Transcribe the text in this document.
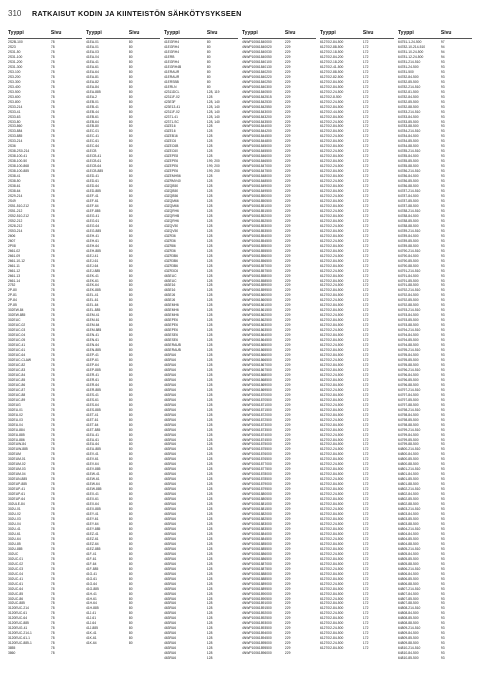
310	RATKAISUT KODIN JA KIINTEISTÖN SÄHKÖTYSYKSEEN
Tyyppi	Sivu
2S2B-100	78
2S23	78
2S31-50	78
2S31-100	78
2S31-200	78
2S31-300	78
2S3-100	78
2S3-200	78
2S3-300	78
2S3-400	78
2S3-500	78
2S3-600	78
2S3-800	78
2S33-214	78
2S33-41	78
2S33-63	78
2S33-80	78
2S33-860	78
2S33-884	78
2S33-885	78
2S33-214	78
2S36	78
2S38-2S0-214	78
2S38-100-41	78
2S38-100-50	78
2S38-100-868	78
2S38-100-885	78
2S38-41	78
2S38-50	78
2S38-61	78
2S38-64	78
2S29-214	78
2S49	78
2S51-510-212	78
2S51-212	78
2S52-510-212	78
2S52-212	78
2S28-212	78
2S53-214	78
2606	78
2607	78
2P08	78
2661-02	78
2661-09	78
2661-10-12	78
2661-11	78
2661-12	78
2661-13	78
2661-14	78
2752	78
2P-80	78
2P-81	78
2P-84	78
2P-85	78
302EW-84	78
302EW-885	78
302EUC	78
302EUC-02	78
302EUC-03	78
302EUC-04	78
302EUC-05	78
302EUC-41	78
302EUC-61	78
302EUC-64	78
302EUC-CLAW	78
302EUC-82	78
302EUC-83	78
302EUC-84	78
302EUC-85	78
302EUC-86	78
302EUC-87	78
302EUC-88	78
302EUC-89	78
302EUG	78
302EU-01	78
302EU-02	78
302EU-03	78
302EU-04	78
302EU-884	78
302EU-885	78
302EU-886	78
302EUW-84	78
302EUW-885	78
302EUM	78
302EUM-01	78
302EUM-02	78
302EUM-03	78
302EUM-04	78
302EUN-885	78
302EUP-885	78
302EUP-41	78
302EUP-61	78
302EUP-64	78
302ULE-84	78
302U-01	78
302U-02	78
302U-03	78
302U-04	78
302U-41	78
302U-61	78
302U-64	78
302U-85	78
302U-885	78
302UC	78
302UC-01	78
302UC-02	78
302UC-03	78
302UC-04	78
302UC-41	78
302UC-61	78
302UC-64	78
302UC-85	78
302UC-86	78
302UC-885	78
3120EUC-214	78
3120EUC-61	78
3120EUC-64	78
3120EUC-885	78
3120EUG-41	78
3120EUC-214-1	78
3120EUC-61-1	78
3120EUC-885-1	78
3855	78
3860	78
Tyyppi	Sivu
41EA-01	80
41EA-01	80
41EA-03	80
41EA-04	80
41EA-41	80
41EA-61	80
41EA-64	80
41EA-81	80
41EA-82	80
41EA-84	80
41EA-885	80
41EA-2	80
41EB-01	80
41EB-41	80
41EB-44	80
41EB-61	80
41EB-64	80
41EB-80	80
41EC-01	80
41EC-41	80
41EC-61	80
41EC-64	80
41ECB	80
41ECB-41	80
41ECB-61	80
41ECB-64	80
41ECB-885	80
41ED-41	80
41ED-61	80
41ED-64	80
41ED-885	80
41EF-41	80
41EF-61	80
41EF-64	80
41EF-885	80
41EG-41	80
41EG-61	80
41EG-64	80
41EG-885	80
41EH-41	80
41EH-61	80
41EH-64	80
41EH-885	80
41EJ-41	80
41EJ-61	80
41EJ-64	80
41EJ-885	80
41EK-41	80
41EK-61	80
41EK-64	80
41EK-885	80
41EL-41	80
41EL-61	80
41EL-64	80
41EL-885	80
41EM-41	80
41EM-61	80
41EM-64	80
41EM-885	80
41EN-41	80
41EN-61	80
41EN-64	80
41EN-885	80
41EP-41	80
41EP-61	80
41EP-64	80
41EP-885	80
41ER-41	80
41ER-61	80
41ER-64	80
41ER-885	80
41ES-41	80
41ES-61	80
41ES-64	80
41ES-885	80
41ET-41	80
41ET-61	80
41ET-64	80
41ET-885	80
41EU-41	80
41EU-61	80
41EU-64	80
41EU-885	80
41EV-41	80
41EV-61	80
41EV-64	80
41EV-885	80
41EW-41	80
41EW-61	80
41EW-64	80
41EW-885	80
41EX-41	80
41EX-61	80
41EX-64	80
41EX-885	80
41EY-41	80
41EY-61	80
41EY-64	80
41EY-885	80
41EZ-41	80
41EZ-61	80
41EZ-64	80
41EZ-885	80
41F-41	80
41F-61	80
41F-64	80
41F-885	80
41G-41	80
41G-61	80
41G-64	80
41G-885	80
41H-41	80
41H-61	80
41H-64	80
41H-885	80
41J-41	80
41J-61	80
41J-64	80
41J-885	80
41K-41	80
41K-61	80
41K-64	80
Tyyppi	Sivu
41EGRH4	80
41EGRH4	80
41EGRH4	80
41ERB	80
41EGRH4	80
41EGRH4B	80
41ERAUR	80
41ERAUR	80
41ERSBB	80
41ERLN	80
42311DCL	128, 119
42311F-02	128
423E3F	128, 140
423E13-41	128, 140
42311F-02	128, 140
42371-41	128, 140
42371-SC	128, 140
43ZE16	128
43ZE16	128
43ZEB16	128
43ZEC6	128
43ZEC6B	128
43ZEC60	128
43ZEPE8	128
43ZEPE6	199, 200
43ZEPE6	199, 200
43ZEPE6	199, 200
43ZEMH56	128
43ZRMV40	128
43ZQB50	128
43ZQB50	128
43ZQB56	128
43ZQM66	128
43ZQM66	128
43ZQRH6	128
43ZQRHB	128
43ZQRH6	128
43ZQV50	128
43ZQV50	128
43ZR36	128
43ZR36	128
43ZR86	128
43ZR36	128
43ZR3B6	128
43ZR3B6	128
43ZR3B6	128
43ZR3C6	128
463EUC	128
463EUC	128
463E16	128
463E16	128
463EJ6	128
463EJ6	128
463EMH6	128
463EMH6	128
463EMH6	128
463EPE6	128
463EPE6	128
463EPE6	128
463ESE6	128
463ESE6	128
463ERAUB	128
463ERAUB	128
463RU6	128
463RU6	128
463RU6	128
463RU6	128
463RU6	128
463RU6	128
463RU6	128
463RU6	128
463RU6	128
463RU6	128
463RU6	128
463RU6	128
463RU6	128
463RU6	128
463RU6	128
463RU6	128
463RU6	128
463RU6	128
463RU6	128
463RU6	128
463RU6	128
463RU6	128
463RU6	128
463RU6	128
463RU6	128
463RU6	128
463RU6	128
463RU6	128
463RU6	128
463RU6	128
463RU6	128
463RU6	128
463RU6	128
463RU6	128
463RU6	128
463RU6	128
463RU6	128
463RU6	128
463RU6	128
463RU6	128
463RU6	128
463RU6	128
463RU6	128
463RU6	128
463RU6	128
463RU6	128
463RU6	128
463RU6	128
463RU6	128
463RU6	128
463RU6	128
463RU6	128
463RU6	128
463RU6	128
463RU6	128
463RU6	128
463RU6	128
463RU6	128
463RU6	128
463RU6	128
463RU6	128
463RU6	128
Tyyppi	Sivu
4NWP10061840000	229
4NWP10061840020	229
4NWP10061840030	229
4NWP10061840050	229
4NWP10061840100	229
4NWP10061840130	229
4NWP10061840200	229
4NWP10061840220	229
4NWP10061840250	229
4NWP10061840300	229
4NWP10061840500	229
4NWP10061842515	229
4NWP10061842530	229
4NWP10061842550	229
4NWP10061843000	229
4NWP10061843200	229
4NWP10061843500	229
4NWP10061844000	229
4NWP10061844200	229
4NWP10061844500	229
4NWP10061844800	229
4NWP10061845000	229
4NWP10061845500	229
4NWP10061846000	229
4NWP10061846500	229
4NWP10061847000	229
4NWP10061847500	229
4NWP10061848000	229
4NWP10061848500	229
4NWP10061849000	229
4NWP10061849500	229
4NWP10061850000	229
4NWP10061850500	229
4NWP10061851000	229
4NWP10061851500	229
4NWP10061852000	229
4NWP10061852500	229
4NWP10061853000	229
4NWP10061853500	229
4NWP10061854000	229
4NWP10061854500	229
4NWP10061855000	229
4NWP10061855500	229
4NWP10061856000	229
4NWP10061856500	229
4NWP10061857000	229
4NWP10061857500	229
4NWP10061858000	229
4NWP10061858500	229
4NWP10061859000	229
4NWP10061859500	229
4NWP10061860000	229
4NWP10061860500	229
4NWP10061861000	229
4NWP10061861500	229
4NWP10061862000	229
4NWP10061862500	229
4NWP10061863000	229
4NWP10061863500	229
4NWP10061864000	229
4NWP10061864500	229
4NWP10061865000	229
4NWP10061865500	229
4NWP10061866000	229
4NWP10061866500	229
4NWP10061867000	229
4NWP10061867500	229
4NWP10061868000	229
4NWP10061868500	229
4NWP10061869000	229
4NWP10061869500	229
4NWP10061870000	229
4NWP10061870500	229
4NWP10061871000	229
4NWP10061871500	229
4NWP10061872000	229
4NWP10061872500	229
4NWP10061873000	229
4NWP10061873500	229
4NWP10061874000	229
4NWP10061874500	229
4NWP10061875000	229
4NWP10061875500	229
4NWP10061876000	229
4NWP10061876500	229
4NWP10061877000	229
4NWP10061877500	229
4NWP10061878000	229
4NWP10061878500	229
4NWP10061879000	229
4NWP10061879500	229
4NWP10061880000	229
4NWP10061880500	229
4NWP10061881000	229
4NWP10061881500	229
4NWP10061882000	229
4NWP10061882500	229
4NWP10061883000	229
4NWP10061883500	229
4NWP10061884000	229
4NWP10061884500	229
4NWP10061885000	229
4NWP10061885500	229
4NWP10061886000	229
4NWP10061886500	229
4NWP10061887000	229
4NWP10061887500	229
4NWP10061888000	229
4NWP10061888500	229
4NWP10061889000	229
4NWP10061889500	229
4NWP10061890000	229
4NWP10061890500	229
4NWP10061891000	229
4NWP10061891500	229
4NWP10061892000	229
4NWP10061892500	229
4NWP10061893000	229
4NWP10061893500	229
4NWP10061894000	229
4NWP10061894500	229
4NWP10061895000	229
4NWP10061895500	229
4NWP10061896000	229
Tyyppi	Sivu
61270/2-84-500	172
61270/2-88-500	172
61270/2-18-500	172
61270/2-84-200	172
61270/2-18-200	172
61270/2-41-500	172
61270/2-88-500	172
61270/2-82-500	172
61270/2-84-500	172
61270/2-84-500	172
61270/2-24-500	172
61270/2-8-500	172
61270/2-24-500	172
61270/2-84-500	172
61270/2-44-500	172
61270/2-84-500	172
61270/2-24-500	172
61270/2-84-500	172
61270/2-84-500	172
61270/2-24-500	172
61270/2-84-500	172
61270/2-84-500	172
61270/2-24-500	172
61270/2-84-500	172
61270/2-84-500	172
61270/2-24-500	172
61270/2-84-500	172
61270/2-84-500	172
61270/2-24-500	172
61270/2-84-500	172
61270/2-84-500	172
61270/2-24-500	172
61270/2-84-500	172
61270/2-84-500	172
61270/2-24-500	172
61270/2-84-500	172
61270/2-84-500	172
61270/2-24-500	172
61270/2-84-500	172
61270/2-84-500	172
61270/2-24-500	172
61270/2-84-500	172
61270/2-84-500	172
61270/2-24-500	172
61270/2-84-500	172
61270/2-84-500	172
61270/2-24-500	172
61270/2-84-500	172
61270/2-84-500	172
61270/2-24-500	172
61270/2-84-500	172
61270/2-84-500	172
61270/2-24-500	172
61270/2-84-500	172
61270/2-84-500	172
61270/2-24-500	172
61270/2-84-500	172
61270/2-84-500	172
61270/2-24-500	172
61270/2-84-500	172
61270/2-84-500	172
61270/2-24-500	172
61270/2-84-500	172
61270/2-84-500	172
61270/2-24-500	172
61270/2-84-500	172
61270/2-84-500	172
61270/2-24-500	172
61270/2-84-500	172
61270/2-84-500	172
61270/2-24-500	172
61270/2-84-500	172
61270/2-84-500	172
61270/2-24-500	172
61270/2-84-500	172
61270/2-84-500	172
61270/2-24-500	172
61270/2-84-500	172
61270/2-84-500	172
61270/2-24-500	172
61270/2-84-500	172
61270/2-84-500	172
61270/2-24-500	172
61270/2-84-500	172
61270/2-84-500	172
61270/2-24-500	172
61270/2-84-500	172
61270/2-84-500	172
61270/2-24-500	172
61270/2-84-500	172
61270/2-84-500	172
61270/2-24-500	172
61270/2-84-500	172
61270/2-84-500	172
61270/2-24-500	172
61270/2-84-500	172
61270/2-84-500	172
61270/2-24-500	172
61270/2-84-500	172
61270/2-84-500	172
61270/2-24-500	172
61270/2-84-500	172
61270/2-84-500	172
61270/2-24-500	172
61270/2-84-500	172
61270/2-84-500	172
61270/2-24-500	172
61270/2-84-500	172
61270/2-84-500	172
61270/2-24-500	172
61270/2-84-500	172
61270/2-84-500	172
61270/2-24-500	172
61270/2-84-500	172
61270/2-84-500	172
61270/2-24-500	172
61270/2-84-500	172
61270/2-84-500	172
61270/2-24-500	172
61270/2-84-500	172
61270/2-84-500	172
61270/2-24-500	172
61270/2-84-500	172
Tyyppi	Sivu
64751-1-24-500	97
64782-10-214-510	94
64781-10-24-500	94
64781-12-24-500	94
64781-214-510	93
64781-24-500	93
64781-500	93
64782-84-500	93
64782-85-500	93
64782-214-510	93
64782-81-500	93
64782-84-500	93
64782-85-500	93
64782-88-500	93
64783-214-510	93
64783-84-500	93
64783-85-500	93
64783-88-500	93
64784-214-510	93
64784-84-500	93
64784-85-500	93
64784-88-500	93
64785-214-510	93
64785-84-500	93
64785-85-500	93
64785-88-500	93
64786-214-510	93
64786-84-500	93
64786-85-500	93
64786-88-500	93
64787-214-510	93
64787-84-500	93
64787-85-500	93
64787-88-500	93
64788-214-510	93
64788-84-500	93
64788-85-500	93
64788-88-500	93
64789-214-510	93
64789-84-500	93
64789-85-500	93
64789-88-500	93
64790-214-510	93
64790-84-500	93
64790-85-500	93
64790-88-500	93
64791-214-510	93
64791-84-500	93
64791-85-500	93
64791-88-500	93
64792-214-510	93
64792-84-500	93
64792-85-500	93
64792-88-500	93
64793-214-510	93
64793-84-500	93
64793-85-500	93
64793-88-500	93
64794-214-510	93
64794-84-500	93
64794-85-500	93
64794-88-500	93
64795-214-510	93
64795-84-500	93
64795-85-500	93
64795-88-500	93
64796-214-510	93
64796-84-500	93
64796-85-500	93
64796-88-500	93
64797-214-510	93
64797-84-500	93
64797-85-500	93
64797-88-500	93
64798-214-510	93
64798-84-500	93
64798-85-500	93
64798-88-500	93
64799-214-510	93
64799-84-500	93
64799-85-500	93
64799-88-500	93
64800-214-510	93
64800-84-500	93
64800-85-500	93
64800-88-500	93
64801-214-510	93
64801-84-500	93
64801-85-500	93
64801-88-500	93
64802-214-510	93
64802-84-500	93
64802-85-500	93
64802-88-500	93
64803-214-510	93
64803-84-500	93
64803-85-500	93
64803-88-500	93
64804-214-510	93
64804-84-500	93
64804-85-500	93
64804-88-500	93
64805-214-510	93
64805-84-500	93
64805-85-500	93
64805-88-500	93
64806-214-510	93
64806-84-500	93
64806-85-500	93
64806-88-500	93
64807-214-510	93
64807-84-500	93
64807-85-500	93
64807-88-500	93
64808-214-510	93
64808-84-500	93
64808-85-500	93
64808-88-500	93
64809-214-510	93
64809-84-500	93
64809-85-500	93
64809-88-500	93
64810-214-510	93
64810-84-500	93
64810-85-500	93
